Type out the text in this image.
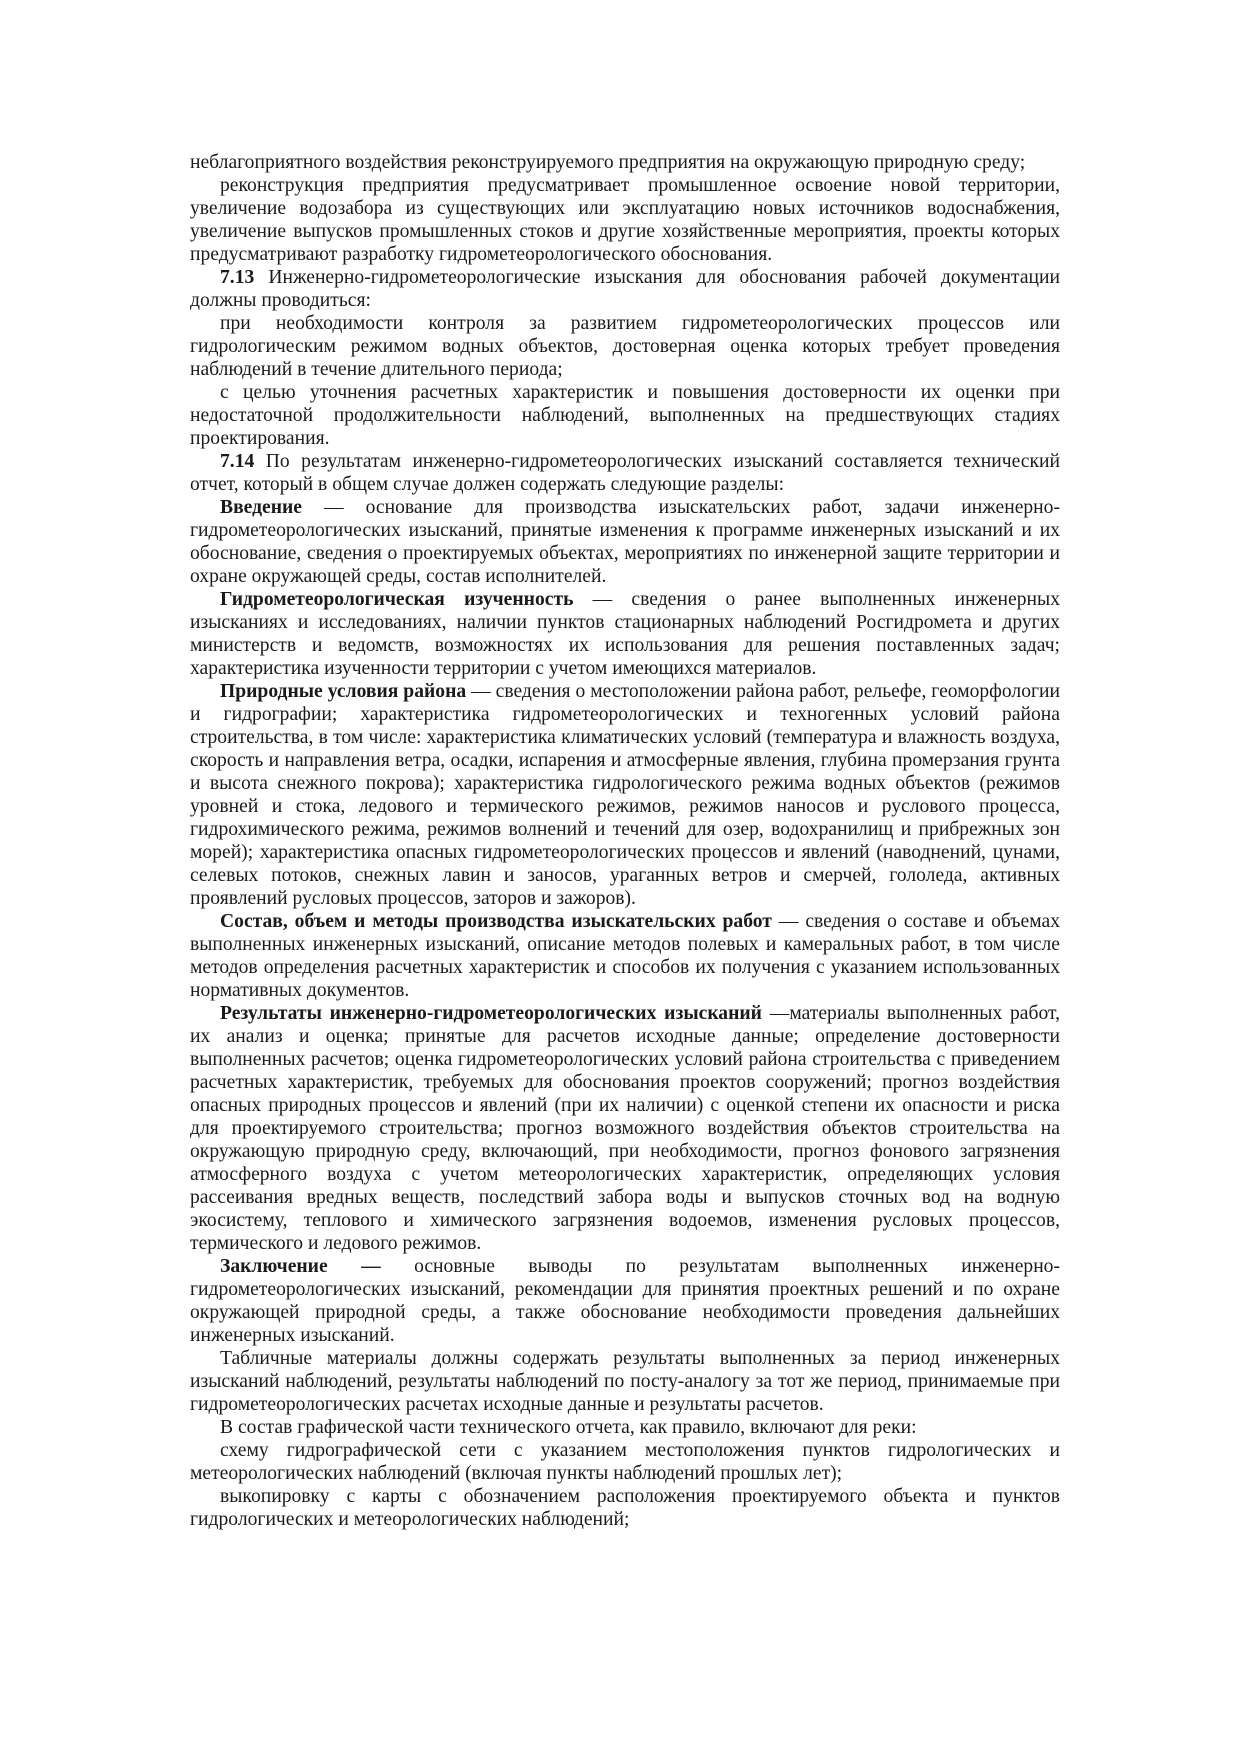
неблагоприятного воздействия реконструируемого предприятия на окружающую природную среду;

реконструкция предприятия предусматривает промышленное освоение новой территории, увеличение водозабора из существующих или эксплуатацию новых источников водоснабжения, увеличение выпусков промышленных стоков и другие хозяйственные мероприятия, проекты которых предусматривают разработку гидрометеорологического обоснования.

7.13 Инженерно-гидрометеорологические изыскания для обоснования рабочей документации должны проводиться:

при необходимости контроля за развитием гидрометеорологических процессов или гидрологическим режимом водных объектов, достоверная оценка которых требует проведения наблюдений в течение длительного периода;

с целью уточнения расчетных характеристик и повышения достоверности их оценки при недостаточной продолжительности наблюдений, выполненных на предшествующих стадиях проектирования.

7.14 По результатам инженерно-гидрометеорологических изысканий составляется технический отчет, который в общем случае должен содержать следующие разделы:

Введение — основание для производства изыскательских работ, задачи инженерно-гидрометеорологических изысканий, принятые изменения к программе инженерных изысканий и их обоснование, сведения о проектируемых объектах, мероприятиях по инженерной защите территории и охране окружающей среды, состав исполнителей.

Гидрометеорологическая изученность — сведения о ранее выполненных инженерных изысканиях и исследованиях, наличии пунктов стационарных наблюдений Росгидромета и других министерств и ведомств, возможностях их использования для решения поставленных задач; характеристика изученности территории с учетом имеющихся материалов.

Природные условия района — сведения о местоположении района работ, рельефе, геоморфологии и гидрографии; характеристика гидрометеорологических и техногенных условий района строительства, в том числе: характеристика климатических условий (температура и влажность воздуха, скорость и направления ветра, осадки, испарения и атмосферные явления, глубина промерзания грунта и высота снежного покрова); характеристика гидрологического режима водных объектов (режимов уровней и стока, ледового и термического режимов, режимов наносов и руслового процесса, гидрохимического режима, режимов волнений и течений для озер, водохранилищ и прибрежных зон морей); характеристика опасных гидрометеорологических процессов и явлений (наводнений, цунами, селевых потоков, снежных лавин и заносов, ураганных ветров и смерчей, гололеда, активных проявлений русловых процессов, заторов и зажоров).

Состав, объем и методы производства изыскательских работ — сведения о составе и объемах выполненных инженерных изысканий, описание методов полевых и камеральных работ, в том числе методов определения расчетных характеристик и способов их получения с указанием использованных нормативных документов.

Результаты инженерно-гидрометеорологических изысканий —материалы выполненных работ, их анализ и оценка; принятые для расчетов исходные данные; определение достоверности выполненных расчетов; оценка гидрометеорологических условий района строительства с приведением расчетных характеристик, требуемых для обоснования проектов сооружений; прогноз воздействия опасных природных процессов и явлений (при их наличии) с оценкой степени их опасности и риска для проектируемого строительства; прогноз возможного воздействия объектов строительства на окружающую природную среду, включающий, при необходимости, прогноз фонового загрязнения атмосферного воздуха с учетом метеорологических характеристик, определяющих условия рассеивания вредных веществ, последствий забора воды и выпусков сточных вод на водную экосистему, теплового и химического загрязнения водоемов, изменения русловых процессов, термического и ледового режимов.

Заключение — основные выводы по результатам выполненных инженерно-гидрометеорологических изысканий, рекомендации для принятия проектных решений и по охране окружающей природной среды, а также обоснование необходимости проведения дальнейших инженерных изысканий.

Табличные материалы должны содержать результаты выполненных за период инженерных изысканий наблюдений, результаты наблюдений по посту-аналогу за тот же период, принимаемые при гидрометеорологических расчетах исходные данные и результаты расчетов.

В состав графической части технического отчета, как правило, включают для реки:

схему гидрографической сети с указанием местоположения пунктов гидрологических и метеорологических наблюдений (включая пункты наблюдений прошлых лет);

выкопировку с карты с обозначением расположения проектируемого объекта и пунктов гидрологических и метеорологических наблюдений;
